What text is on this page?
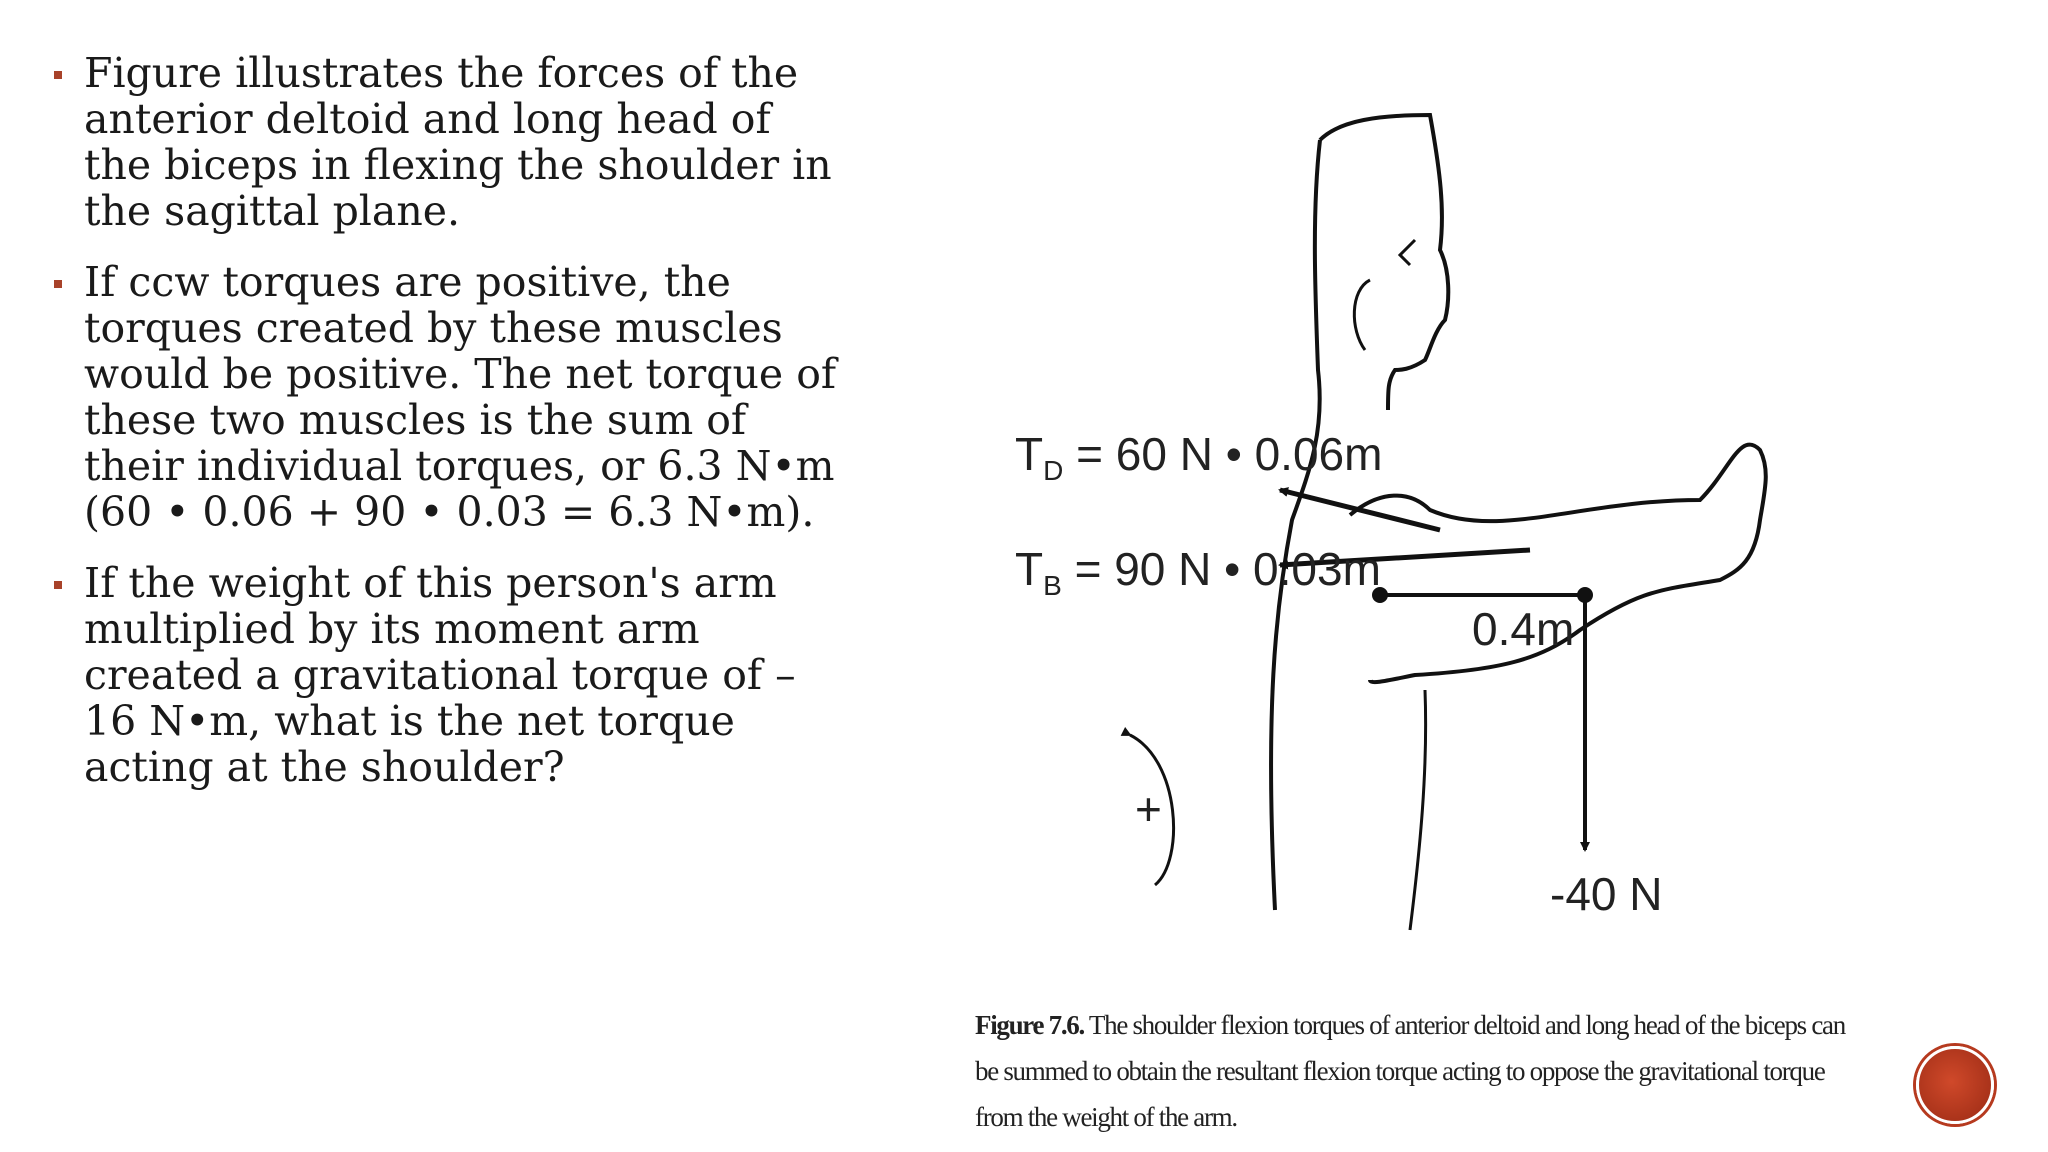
Figure illustrates the forces of the anterior deltoid and long head of the biceps in flexing the shoulder in the sagittal plane.
If ccw torques are positive, the torques created by these muscles would be positive. The net torque of these two muscles is the sum of their individual torques, or 6.3 N•m (60 • 0.06 + 90 • 0.03 = 6.3 N•m).
If the weight of this person's arm multiplied by its moment arm created a gravitational torque of –16 N•m, what is the net torque acting at the shoulder?
$T_D = 60$ N • 0.06m
$T_B = 90$ N • 0.03m
0.4m
-40 N
+
Figure 7.6. The shoulder flexion torques of anterior deltoid and long head of the biceps can be summed to obtain the resultant flexion torque acting to oppose the gravitational torque from the weight of the arm.
